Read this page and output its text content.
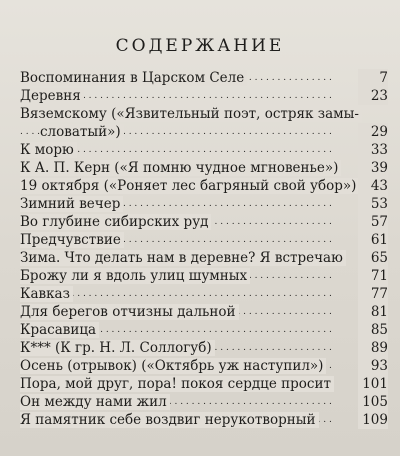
СОДЕРЖАНИЕ
. . .
Воспоминания в Царском Селе	7
. . .
Деревня	23
Вяземскому («Язвительный поэт, остряк замы-
. . .
словатый»)	29
. . .
К морю	33
. . .
К А. П. Керн («Я помню чудное мгновенье»)	39
. . .
19 октября («Роняет лес багряный свой убор»)	43
. . .
Зимний вечер	53
. . .
Во глубине сибирских руд	57
. . .
Предчувствие	61
. . .
Зима. Что делать нам в деревне? Я встречаю	65
. . .
Брожу ли я вдоль улиц шумных	71
. . .
Кавказ	77
. . .
Для берегов отчизны дальной	81
. . .
Красавица	85
. . .
К*** (К гр. Н. Л. Соллогуб)	89
. . .
Осень (отрывок) («Октябрь уж наступил»)	93
. . .
Пора, мой друг, пора! покоя сердце просит	101
. . .
Он между нами жил	105
. . .
Я памятник себе воздвиг нерукотворный	109
